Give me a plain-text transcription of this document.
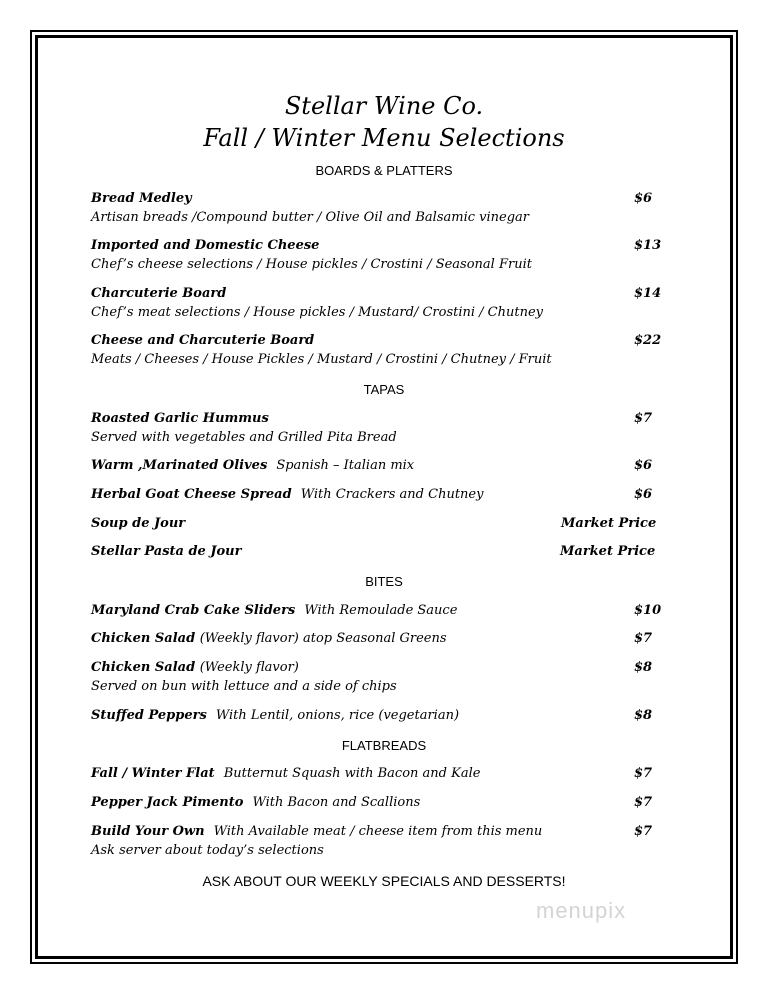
Stellar Wine Co.
Fall / Winter Menu Selections
BOARDS & PLATTERS
Bread Medley	$6
Artisan breads /Compound butter / Olive Oil and Balsamic vinegar
Imported and Domestic Cheese	$13
Chef’s cheese selections / House pickles / Crostini / Seasonal Fruit
Charcuterie Board	$14
Chef’s meat selections / House pickles / Mustard/ Crostini / Chutney
Cheese and Charcuterie Board	$22
Meats / Cheeses / House Pickles / Mustard / Crostini / Chutney / Fruit
TAPAS
Roasted Garlic Hummus	$7
Served with vegetables and Grilled Pita Bread
Warm ,Marinated Olives Spanish – Italian mix	$6
Herbal Goat Cheese Spread With Crackers and Chutney	$6
Soup de Jour	Market Price
Stellar Pasta de Jour	Market Price
BITES
Maryland Crab Cake Sliders With Remoulade Sauce	$10
Chicken Salad (Weekly flavor) atop Seasonal Greens	$7
Chicken Salad (Weekly flavor)	$8
Served on bun with lettuce and a side of chips
Stuffed Peppers With Lentil, onions, rice (vegetarian)	$8
FLATBREADS
Fall / Winter Flat Butternut Squash with Bacon and Kale	$7
Pepper Jack Pimento With Bacon and Scallions	$7
Build Your Own With Available meat / cheese item from this menu	$7
Ask server about today’s selections
ASK ABOUT OUR WEEKLY SPECIALS AND DESSERTS!
menupix
